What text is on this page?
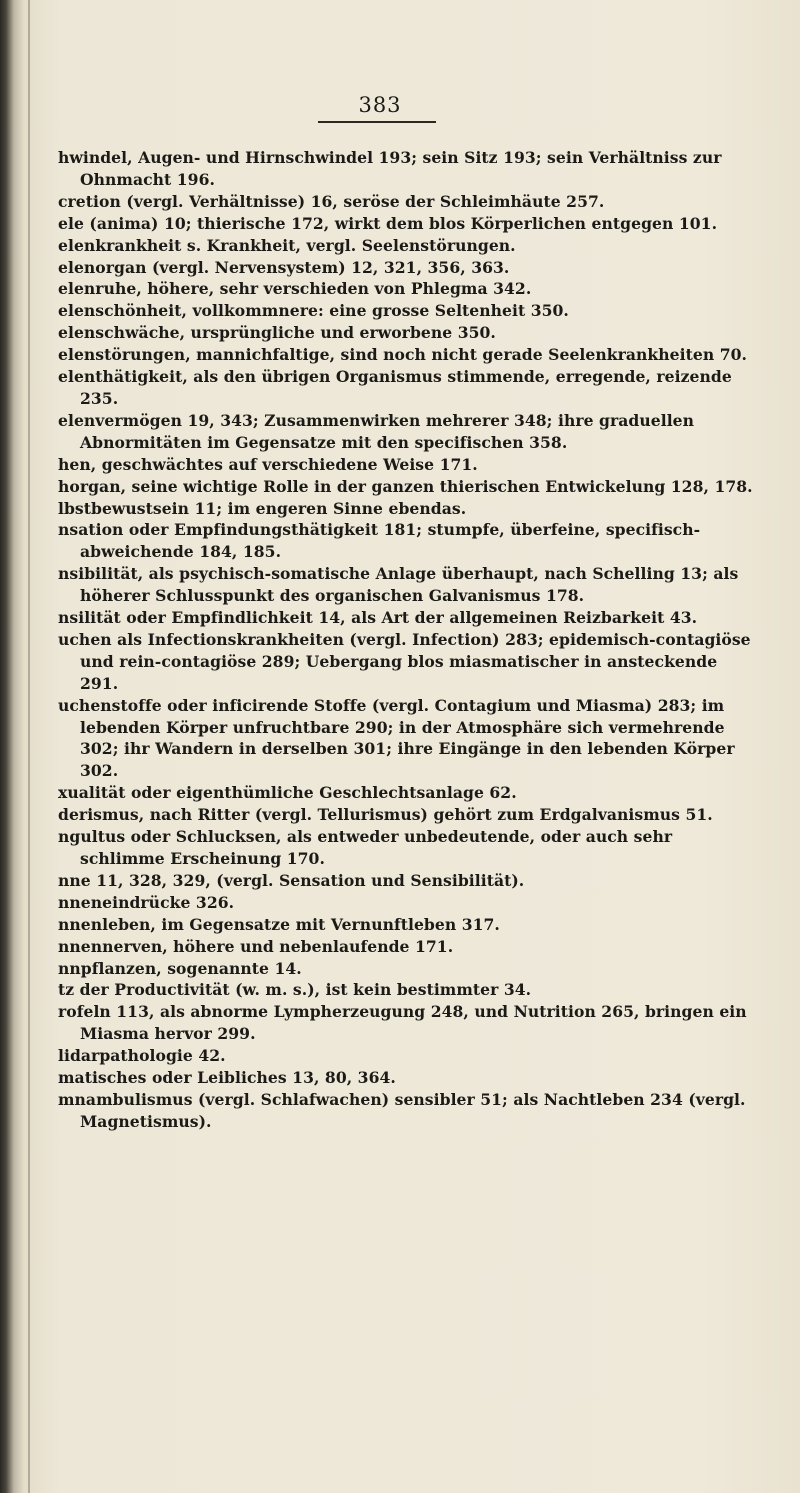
383
hwindel, Augen- und Hirnschwindel 193; sein Sitz 193; sein Verhältniss zur Ohnmacht 196.
cretion (vergl. Verhältnisse) 16, seröse der Schleimhäute 257.
ele (anima) 10; thierische 172, wirkt dem blos Körperlichen entgegen 101.
elenkrankheit s. Krankheit, vergl. Seelenstörungen.
elenorgan (vergl. Nervensystem) 12, 321, 356, 363.
elenruhe, höhere, sehr verschieden von Phlegma 342.
elenschönheit, vollkommnere: eine grosse Seltenheit 350.
elenschwäche, ursprüngliche und erworbene 350.
elenstörungen, mannichfaltige, sind noch nicht gerade Seelenkrankheiten 70.
elenthätigkeit, als den übrigen Organismus stimmende, erregende, reizende 235.
elenvermögen 19, 343; Zusammenwirken mehrerer 348; ihre graduellen Abnormitäten im Gegensatze mit den specifischen 358.
hen, geschwächtes auf verschiedene Weise 171.
horgan, seine wichtige Rolle in der ganzen thierischen Entwickelung 128, 178.
lbstbewustsein 11; im engeren Sinne ebendas.
nsation oder Empfindungsthätigkeit 181; stumpfe, überfeine, specifisch-abweichende 184, 185.
nsibilität, als psychisch-somatische Anlage überhaupt, nach Schelling 13; als höherer Schlusspunkt des organischen Galvanismus 178.
nsilität oder Empfindlichkeit 14, als Art der allgemeinen Reizbarkeit 43.
uchen als Infectionskrankheiten (vergl. Infection) 283; epidemisch-contagiöse und rein-contagiöse 289; Uebergang blos miasmatischer in ansteckende 291.
uchenstoffe oder inficirende Stoffe (vergl. Contagium und Miasma) 283; im lebenden Körper unfruchtbare 290; in der Atmosphäre sich vermehrende 302; ihr Wandern in derselben 301; ihre Eingänge in den lebenden Körper 302.
xualität oder eigenthümliche Geschlechtsanlage 62.
derismus, nach Ritter (vergl. Tellurismus) gehört zum Erdgalvanismus 51.
ngultus oder Schlucksen, als entweder unbedeutende, oder auch sehr schlimme Erscheinung 170.
nne 11, 328, 329, (vergl. Sensation und Sensibilität).
nneneindrücke 326.
nnenleben, im Gegensatze mit Vernunftleben 317.
nnennerven, höhere und nebenlaufende 171.
nnpflanzen, sogenannte 14.
tz der Productivität (w. m. s.), ist kein bestimmter 34.
rofeln 113, als abnorme Lympherzeugung 248, und Nutrition 265, bringen ein Miasma hervor 299.
lidarpathologie 42.
matisches oder Leibliches 13, 80, 364.
mnambulismus (vergl. Schlafwachen) sensibler 51; als Nachtleben 234 (vergl. Magnetismus).
